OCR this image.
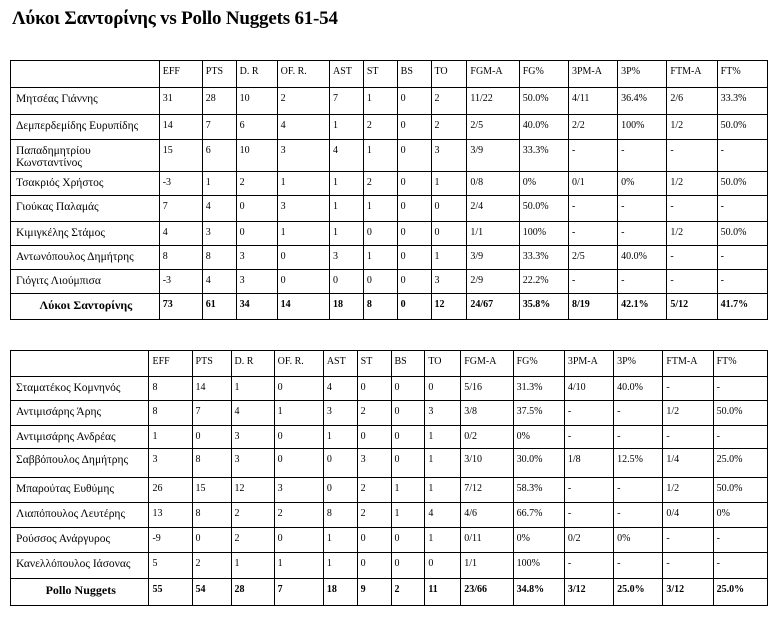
Λύκοι Σαντορίνης vs Pollo Nuggets 61-54
	EFF	PTS	D. R	OF. R.	AST	ST	BS	TO	FGM-A	FG%	3PM-A	3P%	FTM-A	FT%
Μητσέας Γιάννης	31	28	10	2	7	1	0	2	11/22	50.0%	4/11	36.4%	2/6	33.3%
Δεμπερδεμίδης Ευρυπίδης	14	7	6	4	1	2	0	2	2/5	40.0%	2/2	100%	1/2	50.0%
Παπαδημητρίου Κωνσταντίνος	15	6	10	3	4	1	0	3	3/9	33.3%	-	-	-	-
Τσακριός Χρήστος	-3	1	2	1	1	2	0	1	0/8	0%	0/1	0%	1/2	50.0%
Γιούκας Παλαμάς	7	4	0	3	1	1	0	0	2/4	50.0%	-	-	-	-
Κιμιγκέλης Στάμος	4	3	0	1	1	0	0	0	1/1	100%	-	-	1/2	50.0%
Αντωνόπουλος Δημήτρης	8	8	3	0	3	1	0	1	3/9	33.3%	2/5	40.0%	-	-
Γιόγιτς Λιούμπισα	-3	4	3	0	0	0	0	3	2/9	22.2%	-	-	-	-
Λύκοι Σαντορίνης	73	61	34	14	18	8	0	12	24/67	35.8%	8/19	42.1%	5/12	41.7%
	EFF	PTS	D. R	OF. R.	AST	ST	BS	TO	FGM-A	FG%	3PM-A	3P%	FTM-A	FT%
Σταματέκος Κομνηνός	8	14	1	0	4	0	0	0	5/16	31.3%	4/10	40.0%	-	-
Αντιμισάρης Άρης	8	7	4	1	3	2	0	3	3/8	37.5%	-	-	1/2	50.0%
Αντιμισάρης Ανδρέας	1	0	3	0	1	0	0	1	0/2	0%	-	-	-	-
Σαββόπουλος Δημήτρης	3	8	3	0	0	3	0	1	3/10	30.0%	1/8	12.5%	1/4	25.0%
Μπαρούτας Ευθύμης	26	15	12	3	0	2	1	1	7/12	58.3%	-	-	1/2	50.0%
Λιαπόπουλος Λευτέρης	13	8	2	2	8	2	1	4	4/6	66.7%	-	-	0/4	0%
Ρούσσος Ανάργυρος	-9	0	2	0	1	0	0	1	0/11	0%	0/2	0%	-	-
Κανελλόπουλος Ιάσονας	5	2	1	1	1	0	0	0	1/1	100%	-	-	-	-
Pollo Nuggets	55	54	28	7	18	9	2	11	23/66	34.8%	3/12	25.0%	3/12	25.0%
